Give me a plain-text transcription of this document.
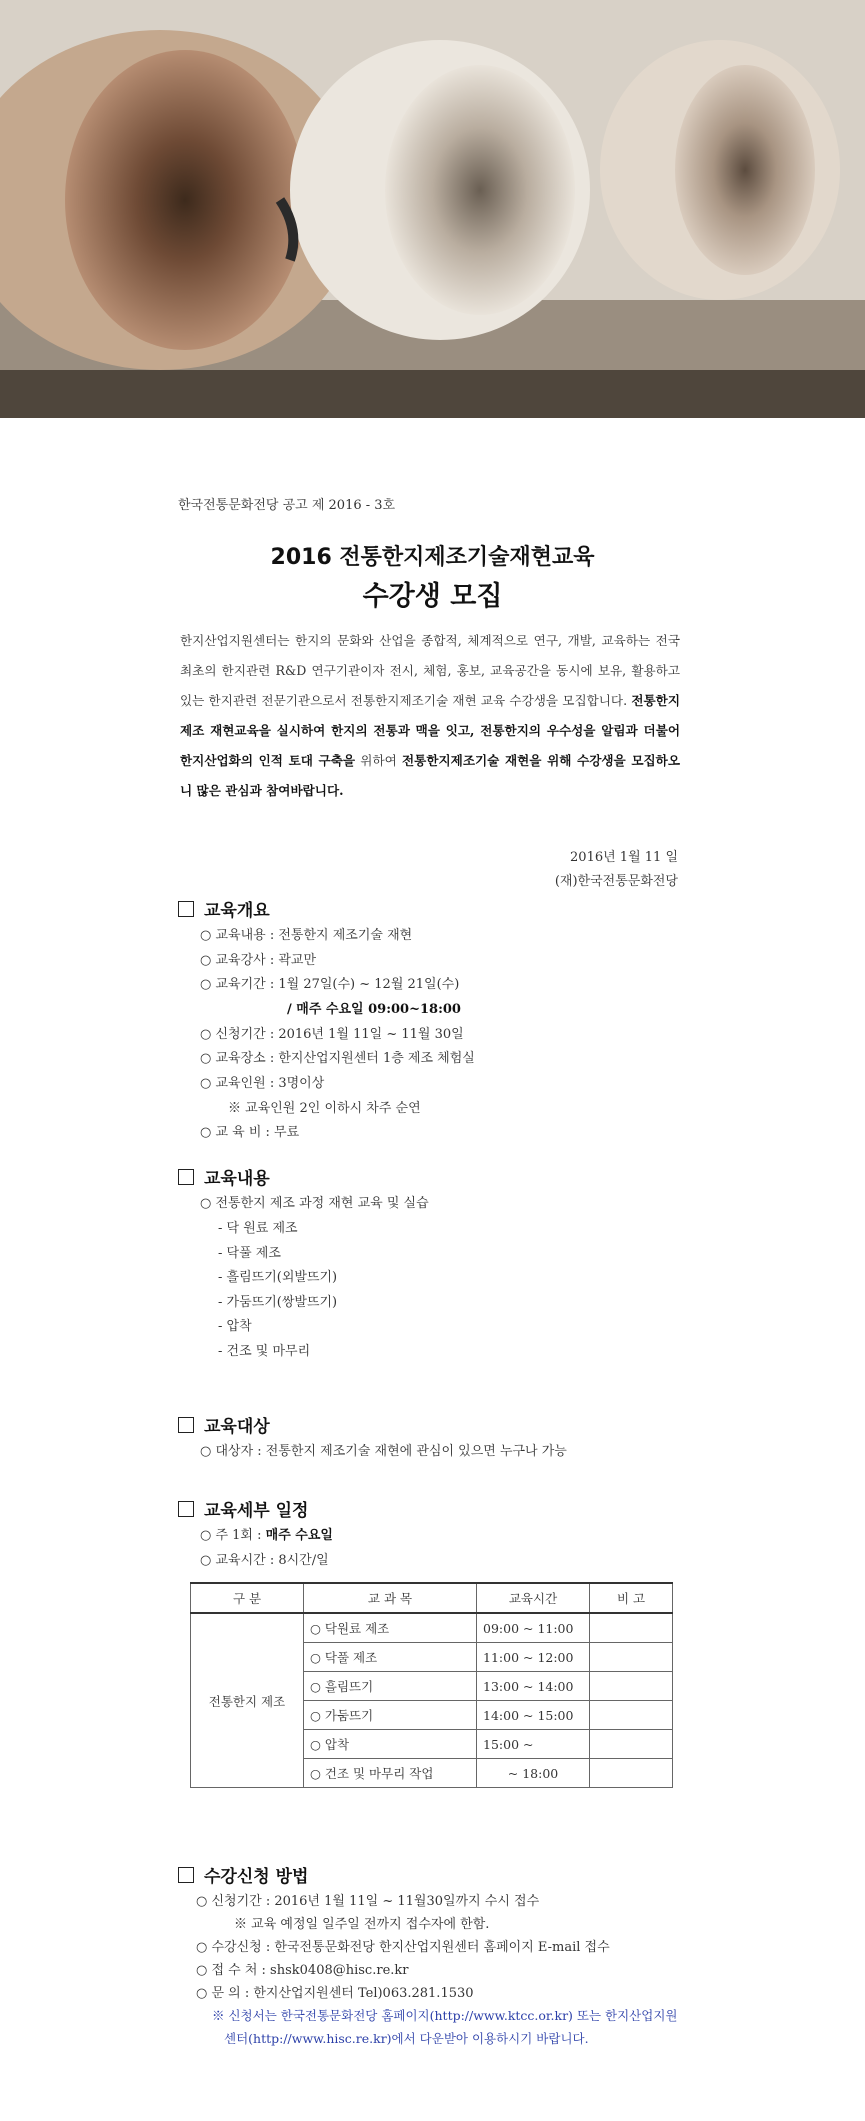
한국전통문화전당 공고 제 2016 - 3호
2016 전통한지제조기술재현교육
수강생 모집
한지산업지원센터는 한지의 문화와 산업을 종합적, 체계적으로 연구, 개발, 교육하는 전국 최초의 한지관련 R&D 연구기관이자 전시, 체험, 홍보, 교육공간을 동시에 보유, 활용하고 있는 한지관련 전문기관으로서 전통한지제조기술 재현 교육 수강생을 모집합니다. 전통한지제조 재현교육을 실시하여 한지의 전통과 맥을 잇고, 전통한지의 우수성을 알림과 더불어 한지산업화의 인적 토대 구축을 위하여 전통한지제조기술 재현을 위해 수강생을 모집하오니 많은 관심과 참여바랍니다.
2016년 1월 11 일
(재)한국전통문화전당
교육개요
○ 교육내용 : 전통한지 제조기술 재현
○ 교육강사 : 곽교만
○ 교육기간 : 1월 27일(수) ~ 12월 21일(수)
/ 매주 수요일 09:00~18:00
○ 신청기간 : 2016년 1월 11일 ~ 11월 30일
○ 교육장소 : 한지산업지원센터 1층 제조 체험실
○ 교육인원 : 3명이상
※ 교육인원 2인 이하시 차주 순연
○ 교 육 비 : 무료
교육내용
○ 전통한지 제조 과정 재현 교육 및 실습
- 닥 원료 제조
- 닥풀 제조
- 흘림뜨기(외발뜨기)
- 가둠뜨기(쌍발뜨기)
- 압착
- 건조 및 마무리
교육대상
○ 대상자 : 전통한지 제조기술 재현에 관심이 있으면 누구나 가능
교육세부 일정
○ 주 1회 : 매주 수요일
○ 교육시간 : 8시간/일
구 분	교 과 목	교육시간	비 고
전통한지 제조	○ 닥원료 제조	09:00 ~ 11:00	
	○ 닥풀 제조	11:00 ~ 12:00	
	○ 흘림뜨기	13:00 ~ 14:00	
	○ 가둠뜨기	14:00 ~ 15:00	
	○ 압착	15:00 ~	
	○ 건조 및 마무리 작업	~ 18:00	
수강신청 방법
○ 신청기간 : 2016년 1월 11일 ~ 11월30일까지 수시 접수
※ 교육 예정일 일주일 전까지 접수자에 한함.
○ 수강신청 : 한국전통문화전당 한지산업지원센터 홈페이지 E-mail 접수
○ 접 수 처 : shsk0408@hisc.re.kr
○ 문 의 : 한지산업지원센터 Tel)063.281.1530
※ 신청서는 한국전통문화전당 홈페이지(http://www.ktcc.or.kr) 또는 한지산업지원
센터(http://www.hisc.re.kr)에서 다운받아 이용하시기 바랍니다.
